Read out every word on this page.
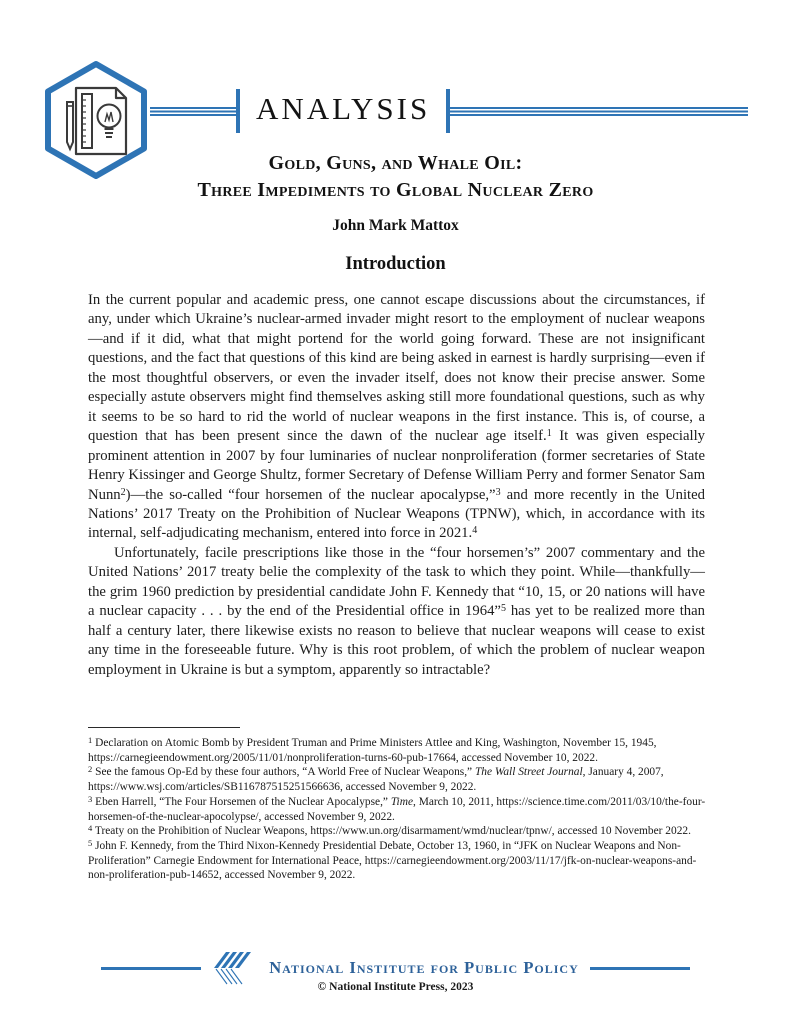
ANALYSIS
Gold, Guns, and Whale Oil:
Three Impediments to Global Nuclear Zero
John Mark Mattox
Introduction

In the current popular and academic press, one cannot escape discussions about the circumstances, if any, under which Ukraine’s nuclear-armed invader might resort to the employment of nuclear weapons—and if it did, what that might portend for the world going forward. These are not insignificant questions, and the fact that questions of this kind are being asked in earnest is hardly surprising—even if the most thoughtful observers, or even the invader itself, does not know their precise answer. Some especially astute observers might find themselves asking still more foundational questions, such as why it seems to be so hard to rid the world of nuclear weapons in the first instance. This is, of course, a question that has been present since the dawn of the nuclear age itself.$^1$ It was given especially prominent attention in 2007 by four luminaries of nuclear nonproliferation (former secretaries of State Henry Kissinger and George Shultz, former Secretary of Defense William Perry and former Senator Sam Nunn$^2$)—the so-called “four horsemen of the nuclear apocalypse,”$^3$ and more recently in the United Nations’ 2017 Treaty on the Prohibition of Nuclear Weapons (TPNW), which, in accordance with its internal, self-adjudicating mechanism, entered into force in 2021.$^4$

Unfortunately, facile prescriptions like those in the “four horsemen’s” 2007 commentary and the United Nations’ 2017 treaty belie the complexity of the task to which they point. While—thankfully—the grim 1960 prediction by presidential candidate John F. Kennedy that “10, 15, or 20 nations will have a nuclear capacity . . . by the end of the Presidential office in 1964”$^5$ has yet to be realized more than half a century later, there likewise exists no reason to believe that nuclear weapons will cease to exist any time in the foreseeable future. Why is this root problem, of which the problem of nuclear weapon employment in Ukraine is but a symptom, apparently so intractable?

$^1$ Declaration on Atomic Bomb by President Truman and Prime Ministers Attlee and King, Washington, November 15, 1945, https://carnegieendowment.org/2005/11/01/nonproliferation-turns-60-pub-17664, accessed November 10, 2022.
$^2$ See the famous Op-Ed by these four authors, “A World Free of Nuclear Weapons,” The Wall Street Journal, January 4, 2007, https://www.wsj.com/articles/SB116787515251566636, accessed November 9, 2022.
$^3$ Eben Harrell, “The Four Horsemen of the Nuclear Apocalypse,” Time, March 10, 2011, https://science.time.com/2011/03/10/the-four-horsemen-of-the-nuclear-apocolypse/, accessed November 9, 2022.
$^4$ Treaty on the Prohibition of Nuclear Weapons, https://www.un.org/disarmament/wmd/nuclear/tpnw/, accessed 10 November 2022.
$^5$ John F. Kennedy, from the Third Nixon-Kennedy Presidential Debate, October 13, 1960, in “JFK on Nuclear Weapons and Non-Proliferation” Carnegie Endowment for International Peace, https://carnegieendowment.org/2003/11/17/jfk-on-nuclear-weapons-and-non-proliferation-pub-14652, accessed November 9, 2022.
National Institute for Public Policy
© National Institute Press, 2023
